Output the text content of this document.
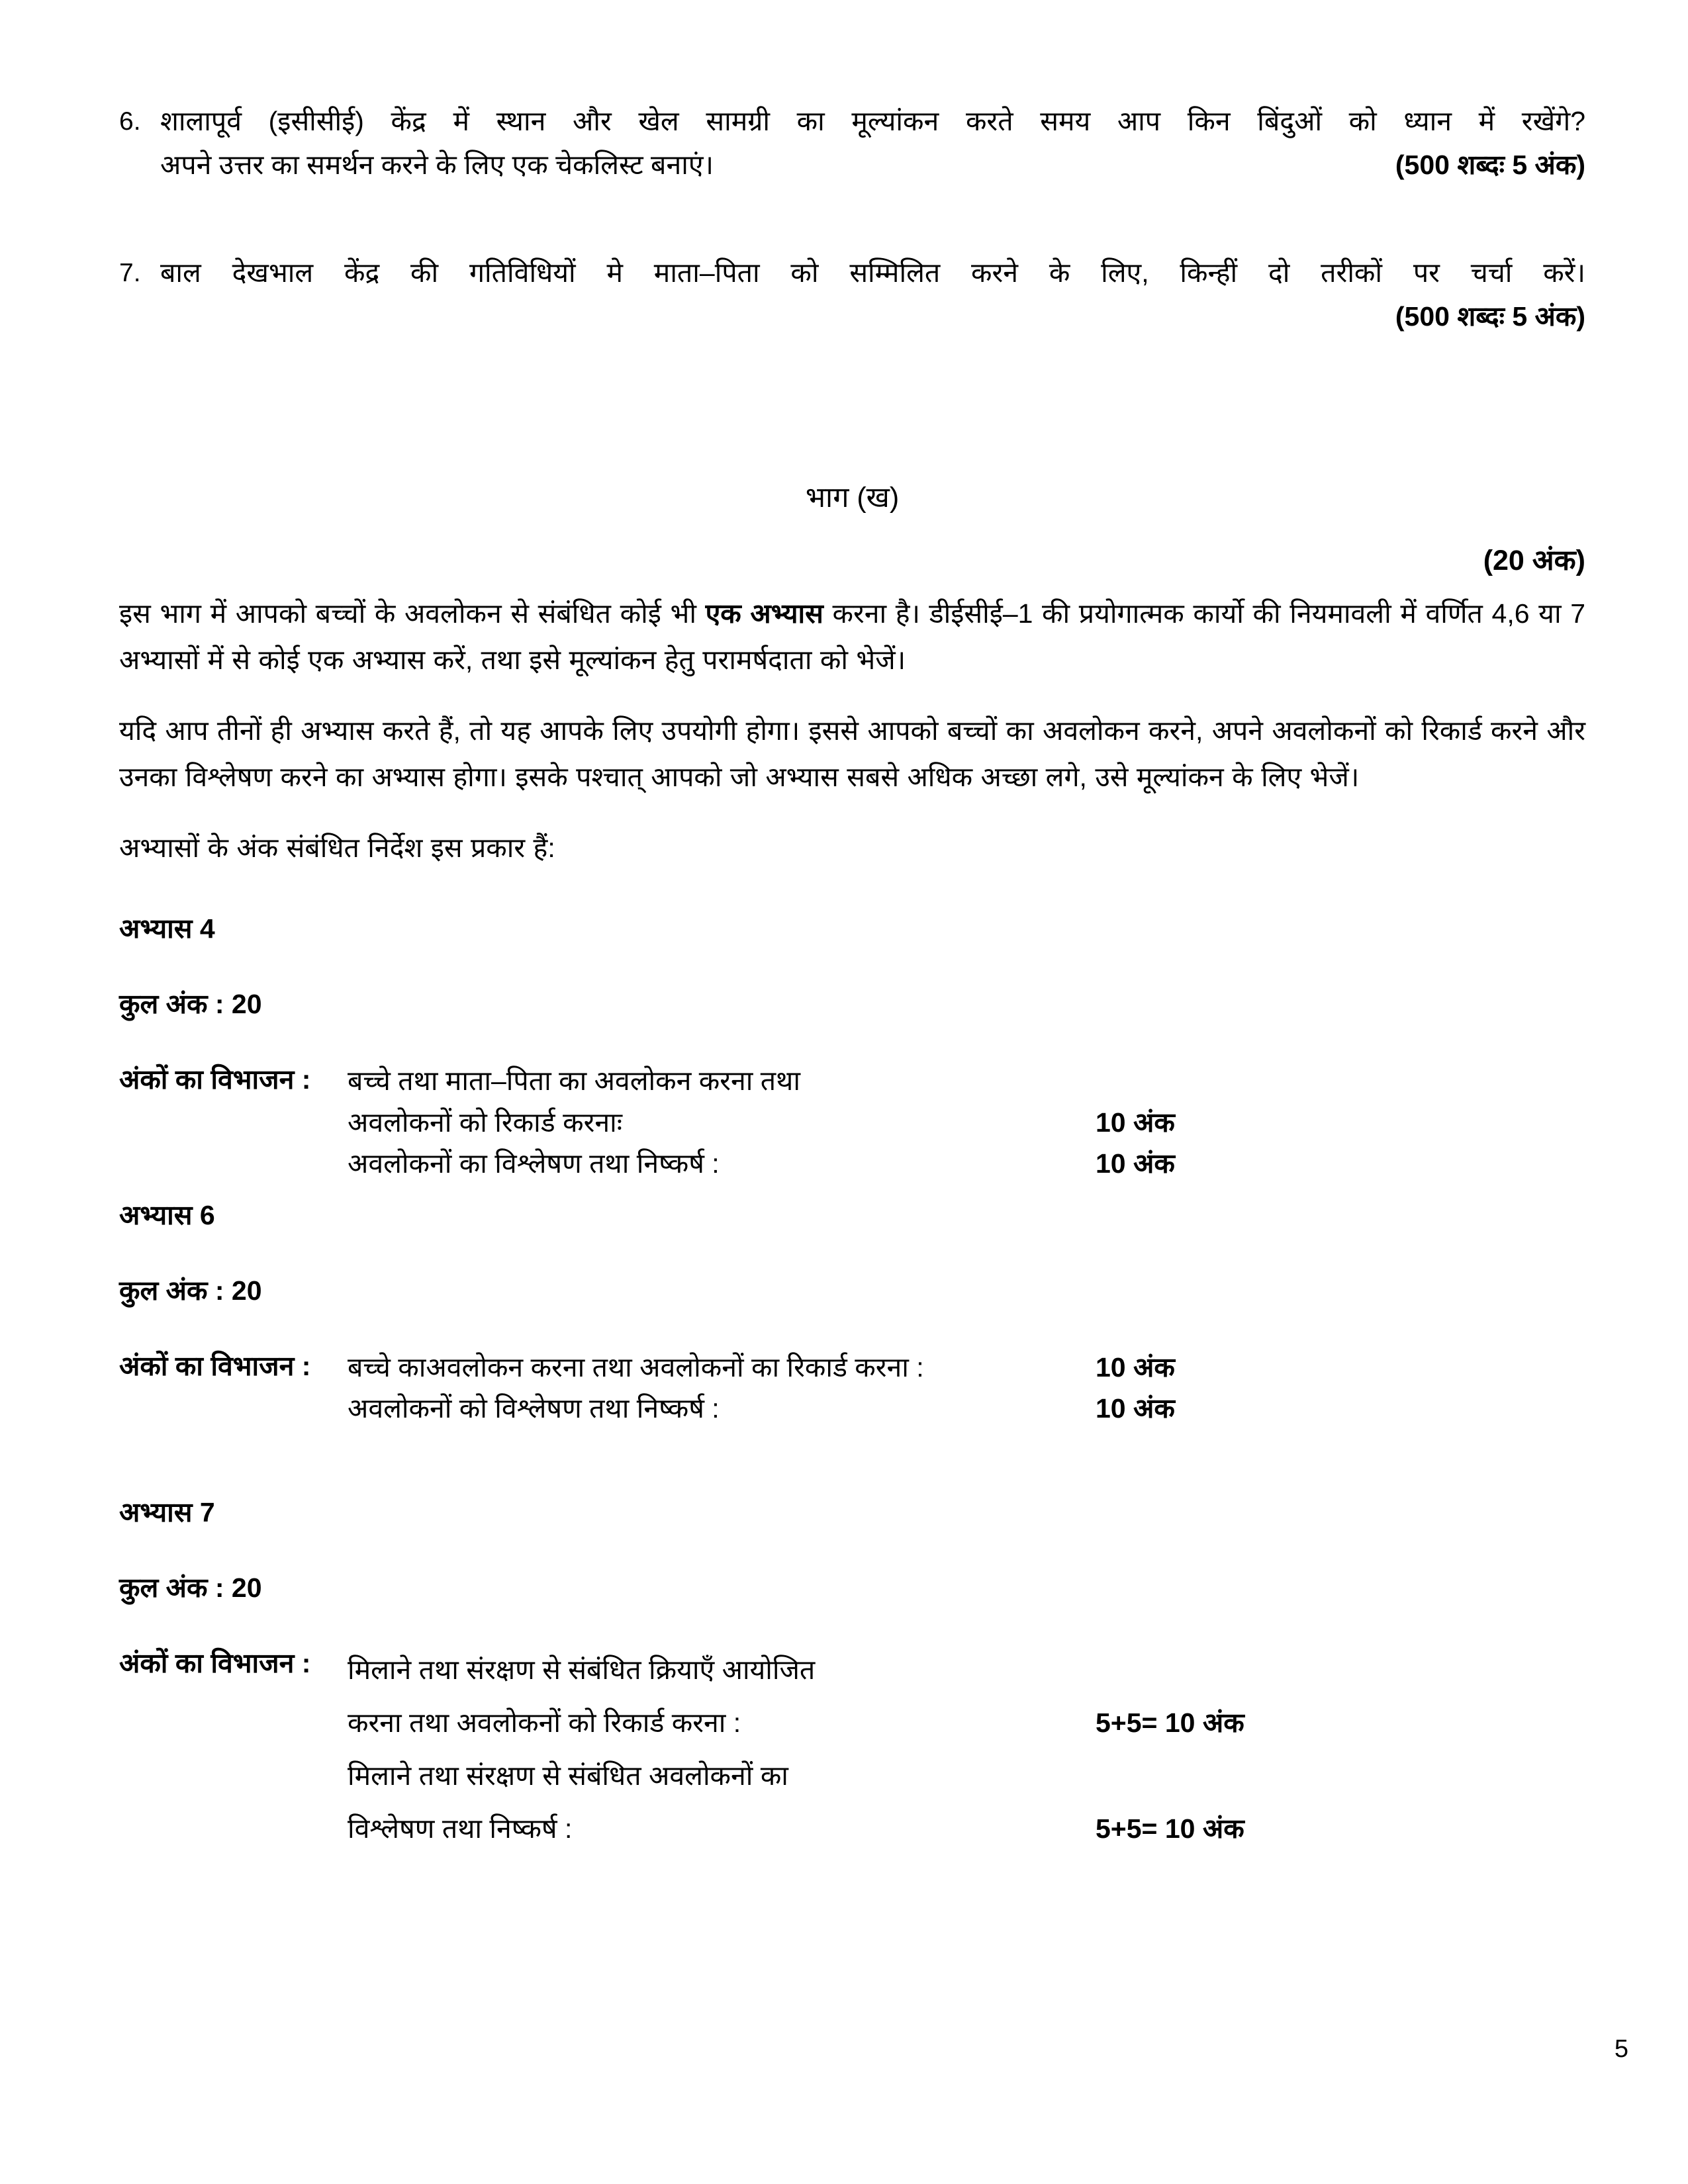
6. शालापूर्व (इसीसीई) केंद्र में स्थान और खेल सामग्री का मूल्यांकन करते समय आप किन बिंदुओं को ध्यान में रखेंगे?
अपने उत्तर का समर्थन करने के लिए एक चेकलिस्ट बनाएं।	(500 शब्दः 5 अंक)
7. बाल देखभाल केंद्र की गतिविधियों मे माता–पिता को सम्मिलित करने के लिए, किन्हीं दो तरीकों पर चर्चा करें।
(500 शब्दः 5 अंक)
भाग (ख)
(20 अंक)
इस भाग में आपको बच्चों के अवलोकन से संबंधित कोई भी एक अभ्यास करना है। डीईसीई–1 की प्रयोगात्मक कार्यो की नियमावली में वर्णित 4,6 या 7 अभ्यासों में से कोई एक अभ्यास करें, तथा इसे मूल्यांकन हेतु परामर्षदाता को भेजें।
यदि आप तीनों ही अभ्यास करते हैं, तो यह आपके लिए उपयोगी होगा। इससे आपको बच्चों का अवलोकन करने, अपने अवलोकनों को रिकार्ड करने और उनका विश्लेषण करने का अभ्यास होगा। इसके पश्चात् आपको जो अभ्यास सबसे अधिक अच्छा लगे, उसे मूल्यांकन के लिए भेजें।
अभ्यासों के अंक संबंधित निर्देश इस प्रकार हैं:
अभ्यास 4
कुल अंक : 20
अंकों का विभाजन :	बच्चे तथा माता–पिता का अवलोकन करना तथा
अवलोकनों को रिकार्ड करनाः	10 अंक
अवलोकनों का विश्लेषण तथा निष्कर्ष :	10 अंक
अभ्यास 6
कुल अंक : 20
अंकों का विभाजन :	बच्चे काअवलोकन करना तथा अवलोकनों का रिकार्ड करना :	10 अंक
अवलोकनों को विश्लेषण तथा निष्कर्ष :	10 अंक
अभ्यास 7
कुल अंक : 20
अंकों का विभाजन :	मिलाने तथा संरक्षण से संबंधित क्रियाएँ आयोजित
करना तथा अवलोकनों को रिकार्ड करना :	5+5= 10 अंक
मिलाने तथा संरक्षण से संबंधित अवलोकनों का
विश्लेषण तथा निष्कर्ष :	5+5= 10 अंक
5
